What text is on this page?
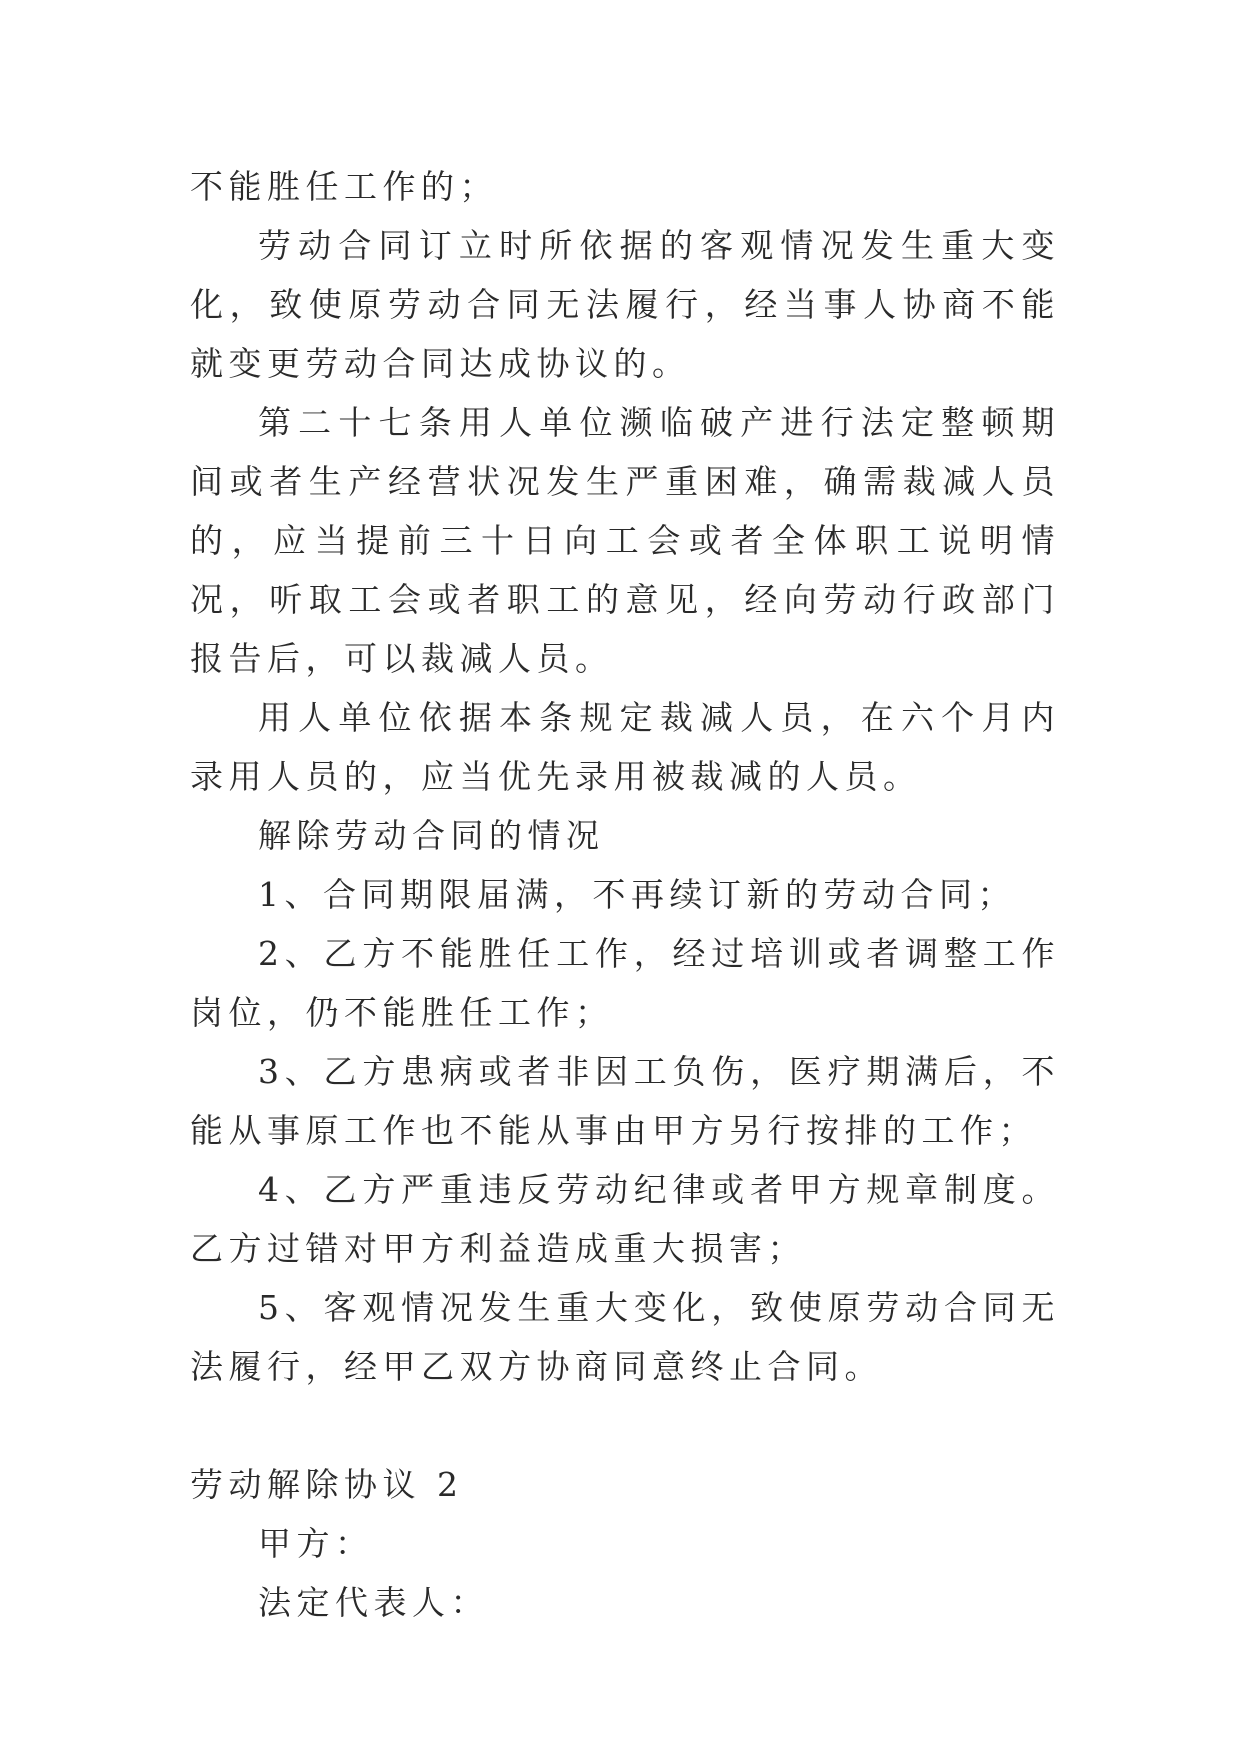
不能胜任工作的；

劳动合同订立时所依据的客观情况发生重大变化，致使原劳动合同无法履行，经当事人协商不能就变更劳动合同达成协议的。

第二十七条用人单位濒临破产进行法定整顿期间或者生产经营状况发生严重困难，确需裁减人员的，应当提前三十日向工会或者全体职工说明情况，听取工会或者职工的意见，经向劳动行政部门报告后，可以裁减人员。

用人单位依据本条规定裁减人员，在六个月内录用人员的，应当优先录用被裁减的人员。

解除劳动合同的情况

1、合同期限届满，不再续订新的劳动合同；

2、乙方不能胜任工作，经过培训或者调整工作岗位，仍不能胜任工作；

3、乙方患病或者非因工负伤，医疗期满后，不能从事原工作也不能从事由甲方另行按排的工作；

4、乙方严重违反劳动纪律或者甲方规章制度。乙方过错对甲方利益造成重大损害；

5、客观情况发生重大变化，致使原劳动合同无法履行，经甲乙双方协商同意终止合同。

劳动解除协议 2

甲方：

法定代表人：
